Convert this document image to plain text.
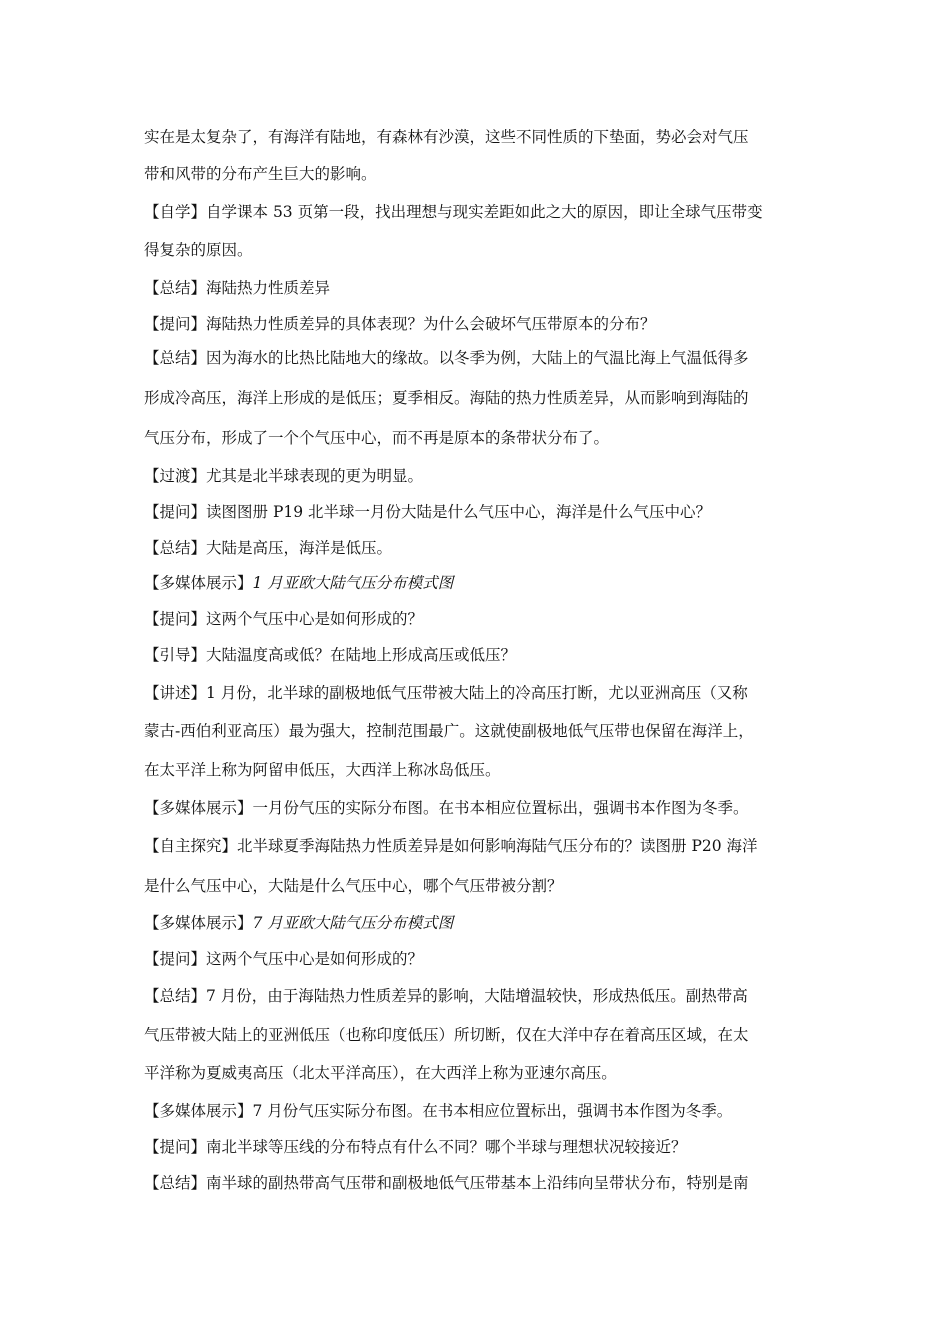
实在是太复杂了，有海洋有陆地，有森林有沙漠，这些不同性质的下垫面，势必会对气压
带和风带的分布产生巨大的影响。
【自学】自学课本 53 页第一段，找出理想与现实差距如此之大的原因，即让全球气压带变
得复杂的原因。
【总结】海陆热力性质差异
【提问】海陆热力性质差异的具体表现？为什么会破坏气压带原本的分布？
【总结】因为海水的比热比陆地大的缘故。以冬季为例，大陆上的气温比海上气温低得多
形成冷高压，海洋上形成的是低压；夏季相反。海陆的热力性质差异，从而影响到海陆的
气压分布，形成了一个个气压中心，而不再是原本的条带状分布了。
【过渡】尤其是北半球表现的更为明显。
【提问】读图图册 P19 北半球一月份大陆是什么气压中心，海洋是什么气压中心？
【总结】大陆是高压，海洋是低压。
【多媒体展示】1 月亚欧大陆气压分布模式图
【提问】这两个气压中心是如何形成的？
【引导】大陆温度高或低？在陆地上形成高压或低压？
【讲述】1 月份，北半球的副极地低气压带被大陆上的冷高压打断，尤以亚洲高压（又称
蒙古-西伯利亚高压）最为强大，控制范围最广。这就使副极地低气压带也保留在海洋上，
在太平洋上称为阿留申低压，大西洋上称冰岛低压。
【多媒体展示】一月份气压的实际分布图。在书本相应位置标出，强调书本作图为冬季。
【自主探究】北半球夏季海陆热力性质差异是如何影响海陆气压分布的？读图册 P20 海洋
是什么气压中心，大陆是什么气压中心，哪个气压带被分割？
【多媒体展示】7 月亚欧大陆气压分布模式图
【提问】这两个气压中心是如何形成的？
【总结】7 月份，由于海陆热力性质差异的影响，大陆增温较快，形成热低压。副热带高
气压带被大陆上的亚洲低压（也称印度低压）所切断，仅在大洋中存在着高压区域，在太
平洋称为夏威夷高压（北太平洋高压），在大西洋上称为亚速尔高压。
【多媒体展示】7 月份气压实际分布图。在书本相应位置标出，强调书本作图为冬季。
【提问】南北半球等压线的分布特点有什么不同？哪个半球与理想状况较接近？
【总结】南半球的副热带高气压带和副极地低气压带基本上沿纬向呈带状分布，特别是南
